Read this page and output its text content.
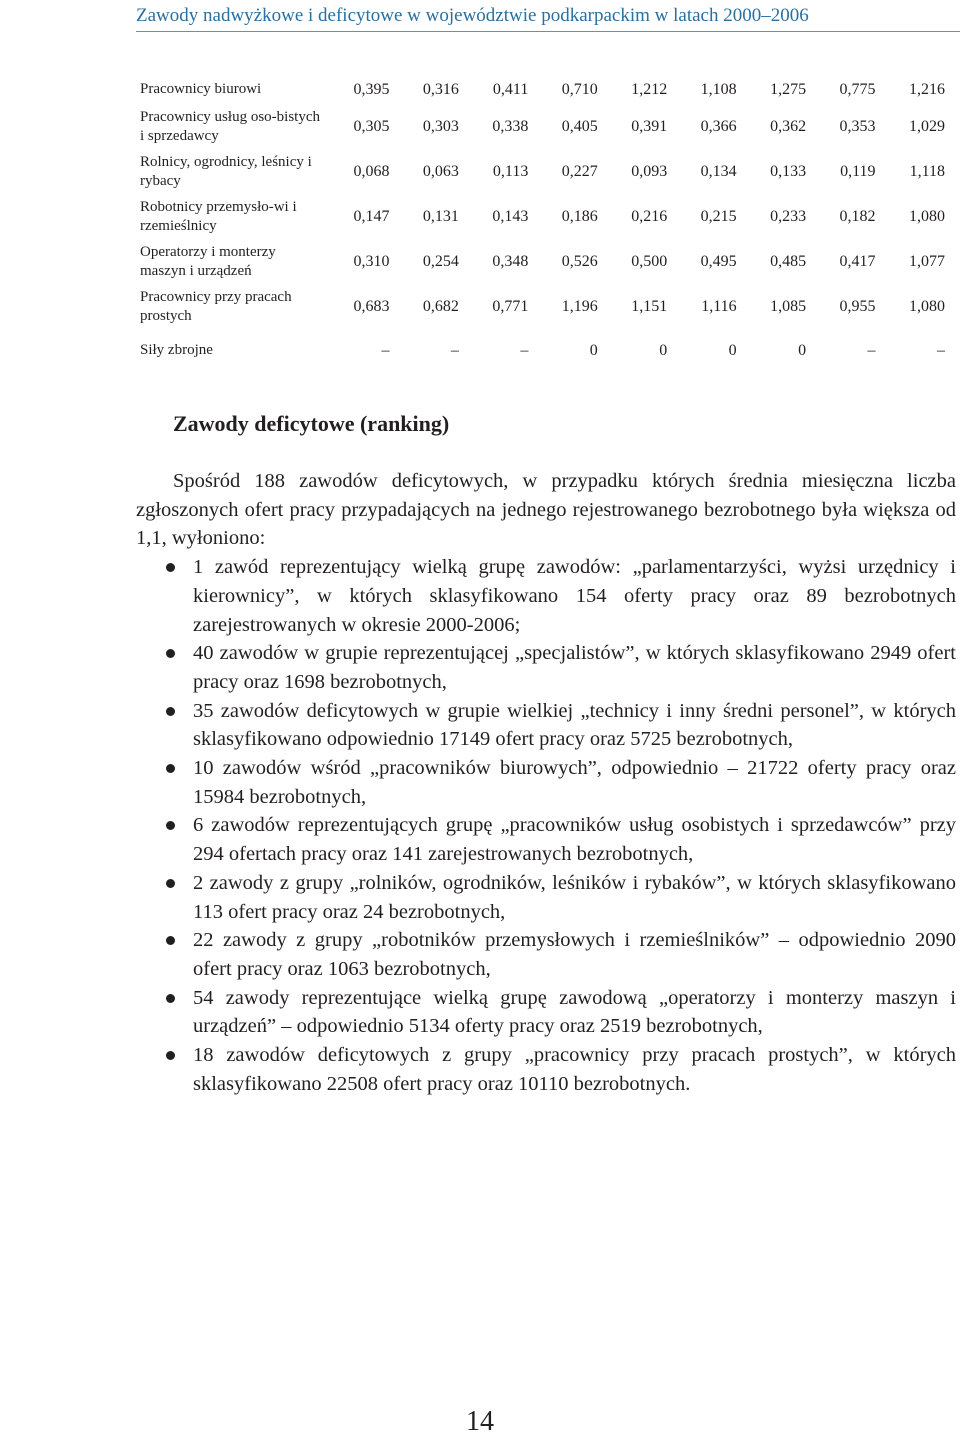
Zawody nadwyżkowe i deficytowe w województwie podkarpackim w latach 2000–2006
Pracownicy biurowi	0,395	0,316	0,411	0,710	1,212	1,108	1,275	0,775	1,216
Pracownicy usług oso-bistych i sprzedawcy	0,305	0,303	0,338	0,405	0,391	0,366	0,362	0,353	1,029
Rolnicy, ogrodnicy, leśnicy i rybacy	0,068	0,063	0,113	0,227	0,093	0,134	0,133	0,119	1,118
Robotnicy przemysło-wi i rzemieślnicy	0,147	0,131	0,143	0,186	0,216	0,215	0,233	0,182	1,080
Operatorzy i monterzy maszyn i urządzeń	0,310	0,254	0,348	0,526	0,500	0,495	0,485	0,417	1,077
Pracownicy przy pracach prostych	0,683	0,682	0,771	1,196	1,151	1,116	1,085	0,955	1,080
Siły zbrojne	–	–	–	0	0	0	0	–	–
Zawody deficytowe (ranking)

Spośród 188 zawodów deficytowych, w przypadku których średnia miesięczna liczba zgłoszonych ofert pracy przypadających na jednego rejestrowanego bezrobotnego była większa od 1,1, wyłoniono:

1 zawód reprezentujący wielką grupę zawodów: „parlamentarzyści, wyżsi urzędnicy i kierownicy”, w których sklasyfikowano 154 oferty pracy oraz 89 bezrobotnych zarejestrowanych w okresie 2000-2006;
40 zawodów w grupie reprezentującej „specjalistów”, w których sklasyfikowano 2949 ofert pracy oraz 1698 bezrobotnych,
35 zawodów deficytowych w grupie wielkiej „technicy i inny średni personel”, w których sklasyfikowano odpowiednio 17149 ofert pracy oraz 5725 bezrobotnych,
10 zawodów wśród „pracowników biurowych”, odpowiednio – 21722 oferty pracy oraz 15984 bezrobotnych,
6 zawodów reprezentujących grupę „pracowników usług osobistych i sprzedawców” przy 294 ofertach pracy oraz 141 zarejestrowanych bezrobotnych,
2 zawody z grupy „rolników, ogrodników, leśników i rybaków”, w których sklasyfikowano 113 ofert pracy oraz 24 bezrobotnych,
22 zawody z grupy „robotników przemysłowych i rzemieślników” – odpowiednio 2090 ofert pracy oraz 1063 bezrobotnych,
54 zawody reprezentujące wielką grupę zawodową „operatorzy i monterzy maszyn i urządzeń” – odpowiednio 5134 oferty pracy oraz 2519 bezrobotnych,
18 zawodów deficytowych z grupy „pracownicy przy pracach prostych”, w których sklasyfikowano 22508 ofert pracy oraz 10110 bezrobotnych.
14
